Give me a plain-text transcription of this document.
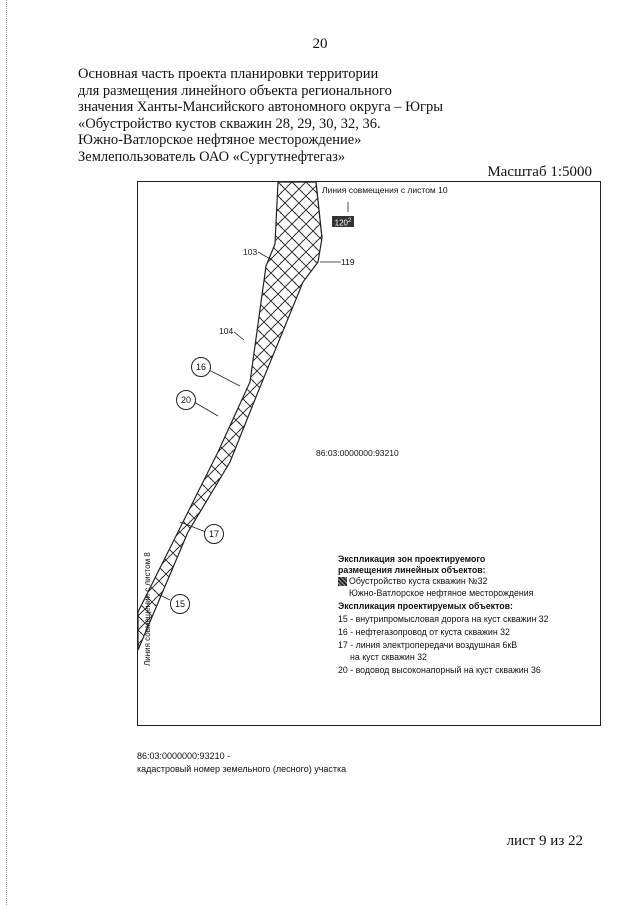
20
Основная часть проекта планировки территории
для размещения линейного объекта регионального
значения Ханты-Мансийского автономного округа – Югры
«Обустройство кустов скважин 28, 29, 30, 32, 36.
Южно-Ватлорское нефтяное месторождение»
Землепользователь ОАО «Сургутнефтегаз»
Масштаб 1:5000
Линия совмещения с листом 10
$120^2$
103
119
104
86:03:0000000:93210
16
20
17
15
Линия совмещения с листом 8	Экспликация зон проектируемого
размещения линейных объектов:
Обустройство куста скважин №32
Южно-Ватлорское нефтяное месторождения
Экспликация проектируемых объектов:
15 - внутрипромысловая дорога на куст скважин 32
16 - нефтегазопровод от куста скважин 32
17 - линия электропередачи воздушная 6кВ
на куст скважин 32
20 - водовод высоконапорный на куст скважин 36
86:03:0000000:93210 -
кадастровый номер земельного (лесного) участка
лист 9 из 22
